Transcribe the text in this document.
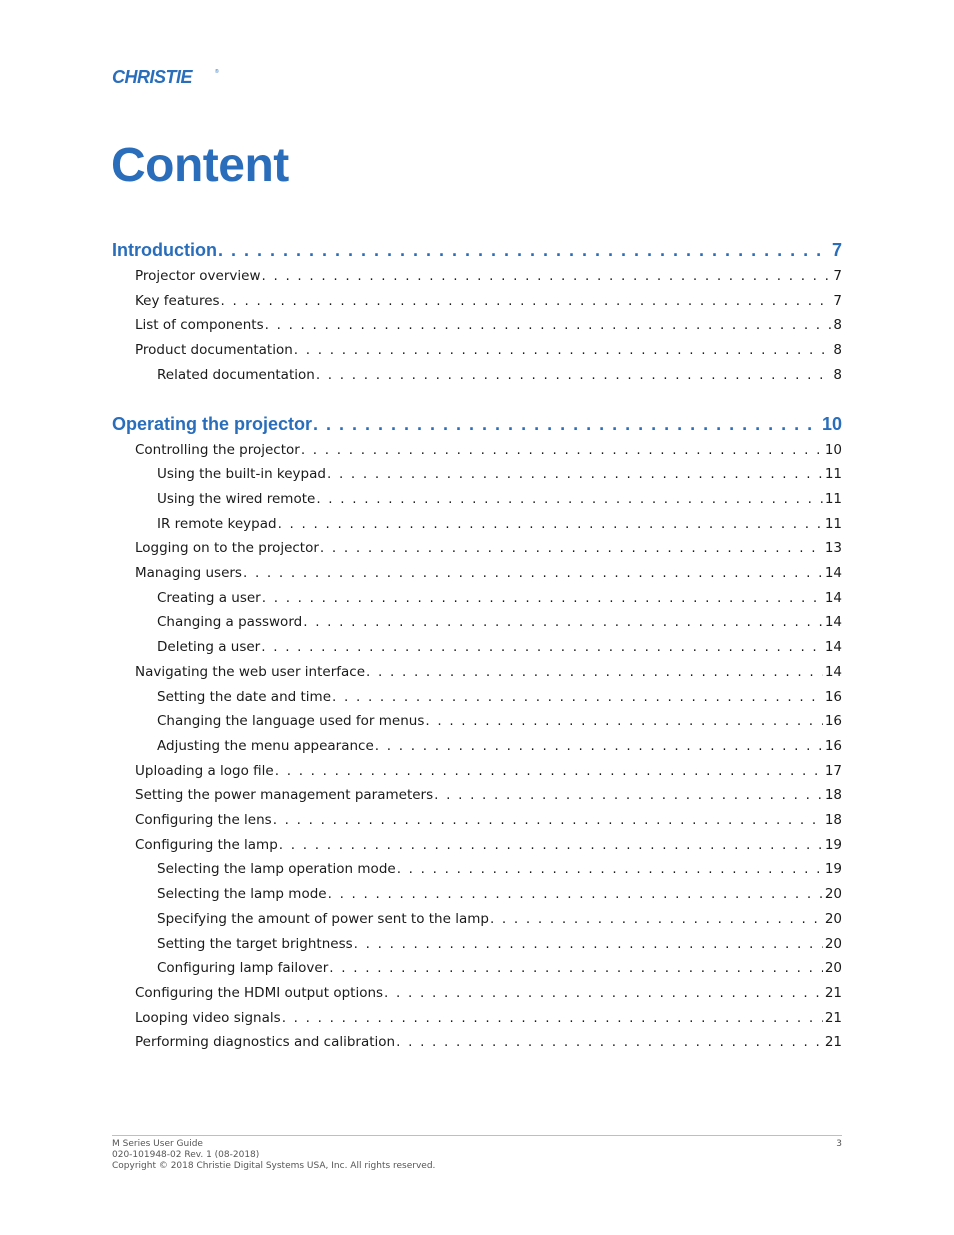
CHRISTIE	®
Content
Introduction . . .	7
Projector overview . . .	7
Key features . . .	7
List of components . . .	8
Product documentation . . .	8
Related documentation . . .	8
Operating the projector . . .	10
Controlling the projector . . .	10
Using the built-in keypad . . .	11
Using the wired remote . . .	11
IR remote keypad . . .	11
Logging on to the projector . . .	13
Managing users . . .	14
Creating a user . . .	14
Changing a password . . .	14
Deleting a user . . .	14
Navigating the web user interface . . .	14
Setting the date and time . . .	16
Changing the language used for menus . . .	16
Adjusting the menu appearance . . .	16
Uploading a logo file . . .	17
Setting the power management parameters . . .	18
Configuring the lens . . .	18
Configuring the lamp . . .	19
Selecting the lamp operation mode . . .	19
Selecting the lamp mode . . .	20
Specifying the amount of power sent to the lamp . . .	20
Setting the target brightness . . .	20
Configuring lamp failover . . .	20
Configuring the HDMI output options . . .	21
Looping video signals . . .	21
Performing diagnostics and calibration . . .	21
M Series User Guide
020-101948-02 Rev. 1 (08-2018)
Copyright © 2018 Christie Digital Systems USA, Inc. All rights reserved.
3
